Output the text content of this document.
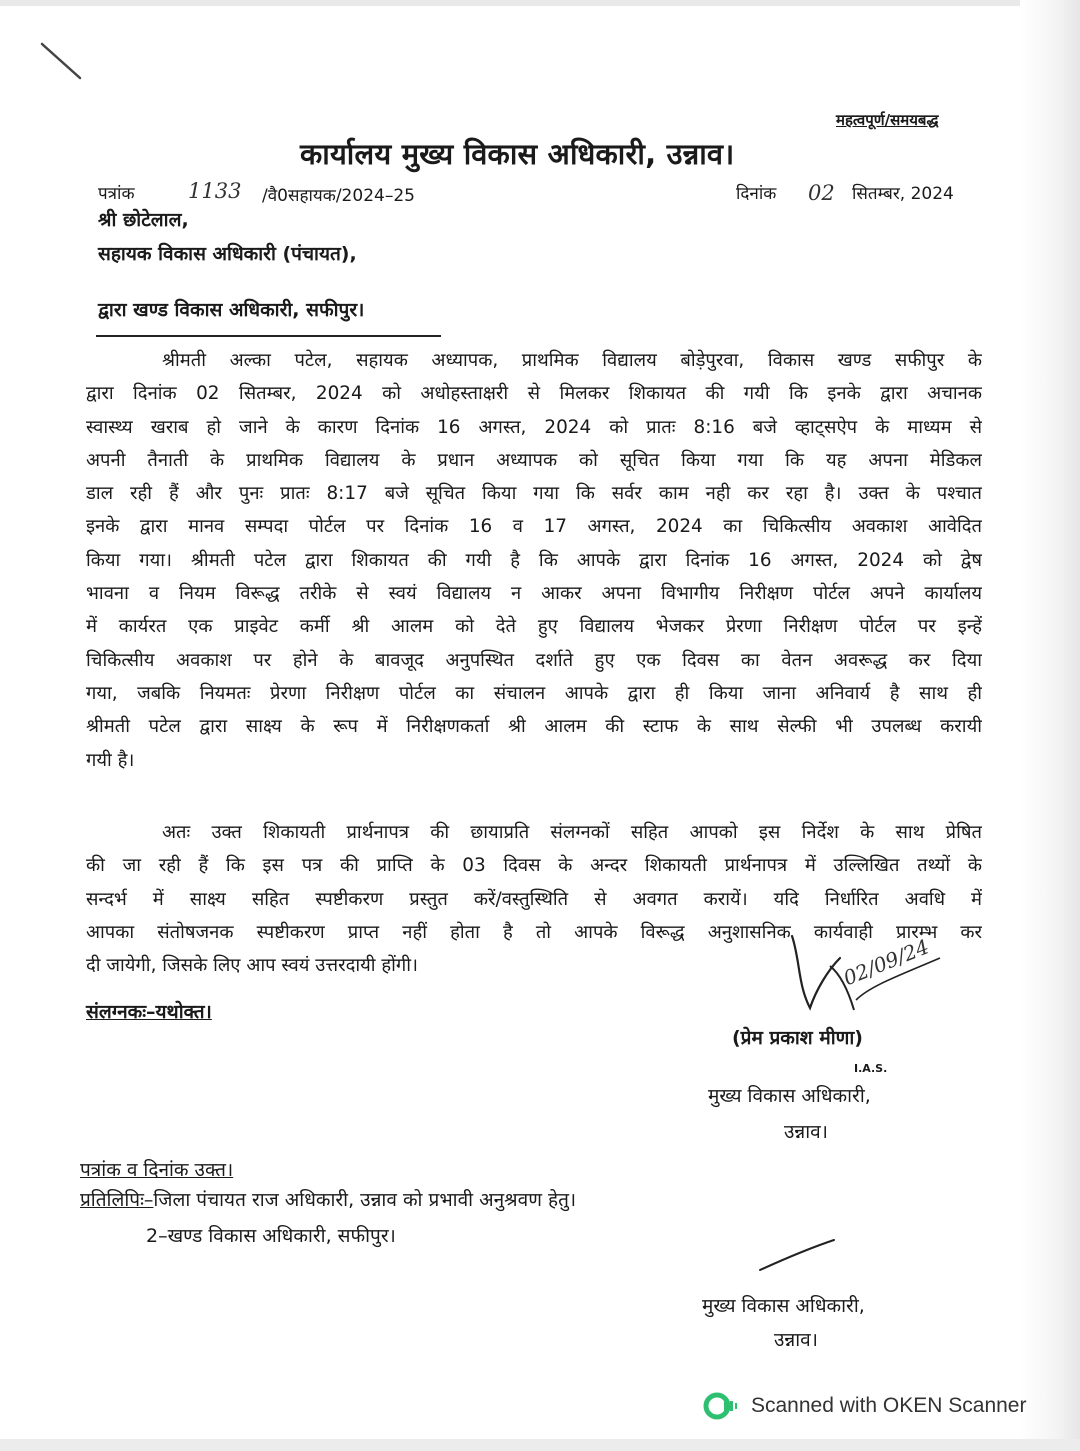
महत्वपूर्ण/समयबद्ध
कार्यालय मुख्य विकास अधिकारी, उन्नाव।
पत्रांक	1133 /वै0सहायक/2024–25	दिनांक 02 सितम्बर, 2024
श्री छोटेलाल,
सहायक विकास अधिकारी (पंचायत),
द्वारा खण्ड विकास अधिकारी, सफीपुर।
श्रीमती अल्का पटेल, सहायक अध्यापक, प्राथमिक विद्यालय बोड़ेपुरवा, विकास खण्ड सफीपुर के
द्वारा दिनांक 02 सितम्बर, 2024 को अधोहस्ताक्षरी से मिलकर शिकायत की गयी कि इनके द्वारा अचानक
स्वास्थ्य खराब हो जाने के कारण दिनांक 16 अगस्त, 2024 को प्रातः 8:16 बजे व्हाट्सऐप के माध्यम से
अपनी तैनाती के प्राथमिक विद्यालय के प्रधान अध्यापक को सूचित किया गया कि यह अपना मेडिकल
डाल रही हैं और पुनः प्रातः 8:17 बजे सूचित किया गया कि सर्वर काम नही कर रहा है। उक्त के पश्चात
इनके द्वारा मानव सम्पदा पोर्टल पर दिनांक 16 व 17 अगस्त, 2024 का चिकित्सीय अवकाश आवेदित
किया गया। श्रीमती पटेल द्वारा शिकायत की गयी है कि आपके द्वारा दिनांक 16 अगस्त, 2024 को द्वेष
भावना व नियम विरूद्ध तरीके से स्वयं विद्यालय न आकर अपना विभागीय निरीक्षण पोर्टल अपने कार्यालय
में कार्यरत एक प्राइवेट कर्मी श्री आलम को देते हुए विद्यालय भेजकर प्रेरणा निरीक्षण पोर्टल पर इन्हें
चिकित्सीय अवकाश पर होने के बावजूद अनुपस्थित दर्शाते हुए एक दिवस का वेतन अवरूद्ध कर दिया
गया, जबकि नियमतः प्रेरणा निरीक्षण पोर्टल का संचालन आपके द्वारा ही किया जाना अनिवार्य है साथ ही
श्रीमती पटेल द्वारा साक्ष्य के रूप में निरीक्षणकर्ता श्री आलम की स्टाफ के साथ सेल्फी भी उपलब्ध करायी
गयी है।
अतः उक्त शिकायती प्रार्थनापत्र की छायाप्रति संलग्नकों सहित आपको इस निर्देश के साथ प्रेषित
की जा रही हैं कि इस पत्र की प्राप्ति के 03 दिवस के अन्दर शिकायती प्रार्थनापत्र में उल्लिखित तथ्यों के
सन्दर्भ में साक्ष्य सहित स्पष्टीकरण प्रस्तुत करें/वस्तुस्थिति से अवगत करायें। यदि निर्धारित अवधि में
आपका संतोषजनक स्पष्टीकरण प्राप्त नहीं होता है तो आपके विरूद्ध अनुशासनिक कार्यवाही प्रारम्भ कर
दी जायेगी, जिसके लिए आप स्वयं उत्तरदायी होंगी।
संलग्नकः–यथोक्त।
02/09/24
(प्रेम प्रकाश मीणा)
I.A.S.
मुख्य विकास अधिकारी,
उन्नाव।
पत्रांक व दिनांक उक्त।
प्रतिलिपिः–जिला पंचायत राज अधिकारी, उन्नाव को प्रभावी अनुश्रवण हेतु।
2–खण्ड विकास अधिकारी, सफीपुर।
मुख्य विकास अधिकारी,
उन्नाव।
Scanned with OKEN Scanner
